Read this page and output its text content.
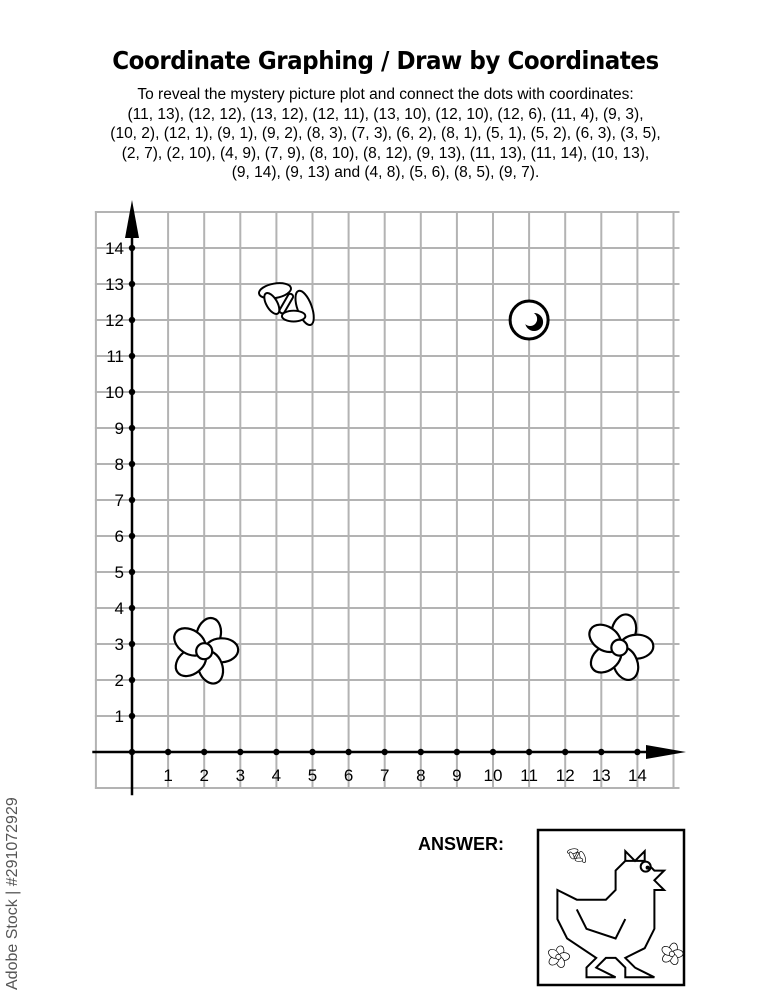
Coordinate Graphing / Draw by Coordinates
To reveal the mystery picture plot and connect the dots with coordinates:
(11, 13), (12, 12), (13, 12), (12, 11), (13, 10), (12, 10), (12, 6), (11, 4), (9, 3),
(10, 2), (12, 1), (9, 1), (9, 2), (8, 3), (7, 3), (6, 2), (8, 1), (5, 1), (5, 2), (6, 3), (3, 5),
(2, 7), (2, 10), (4, 9), (7, 9), (8, 10), (8, 12), (9, 13), (11, 13), (11, 14), (10, 13),
(9, 14), (9, 13) and (4, 8), (5, 6), (8, 5), (9, 7).
1 2 3 4 5 6 7 8 9 10 11 12 13 14
1
2
3
4
5
6
7
8
9
10
11
12
13
14
ANSWER:
Adobe Stock | #291072929
